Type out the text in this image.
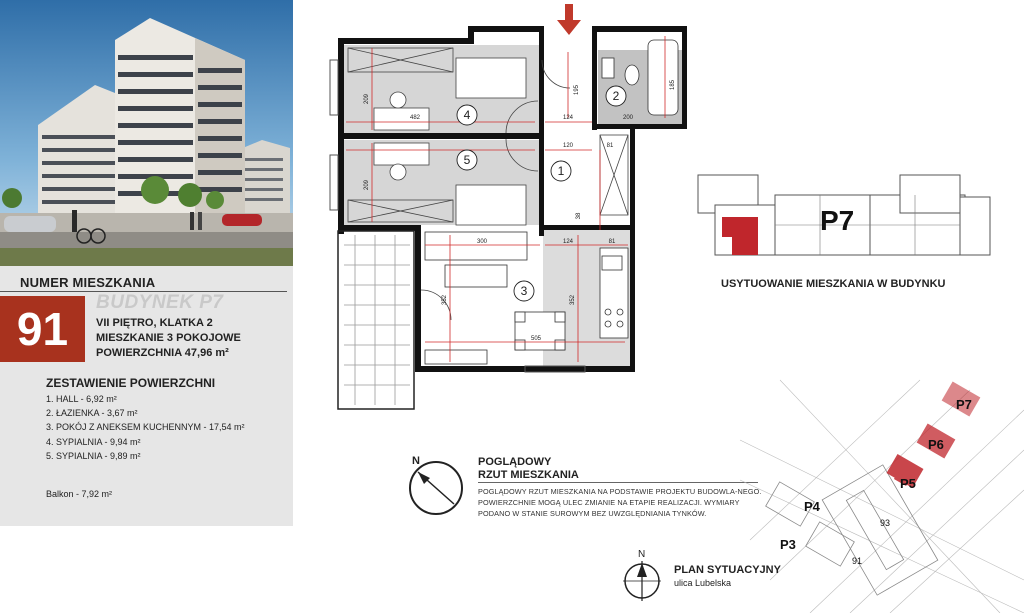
NUMER MIESZKANIA
91
BUDYNEK P7
VII PIĘTRO, KLATKA 2
MIESZKANIE 3 POKOJOWE
POWIERZCHNIA 47,96 m²
ZESTAWIENIE POWIERZCHNI
1. HALL - 6,92 m²
2. ŁAZIENKA - 3,67 m²
3. POKÓJ Z ANEKSEM KUCHENNYM - 17,54 m²
4. SYPIALNIA - 9,94 m²
5. SYPIALNIA - 9,89 m²
Balkon - 7,92 m²
4
5
1
2
3
482
209
209
124
120
195
81
38
185
200
300	124	81
352	352
505
P7
USYTUOWANIE MIESZKANIA W BUDYNKU
N	POGLĄDOWY
RZUT MIESZKANIA
POGLĄDOWY RZUT MIESZKANIA NA PODSTAWIE PROJEKTU BUDOWLA-NEGO. POWIERZCHNIE MOGĄ ULEC ZMIANIE NA ETAPIE REALIZACJI. WYMIARY PODANO W STANIE SUROWYM BEZ UWZGLĘDNIANIA TYNKÓW.
P7
P6
P5
P4
P3
93
91
N
PLAN SYTUACYJNY
ulica Lubelska
